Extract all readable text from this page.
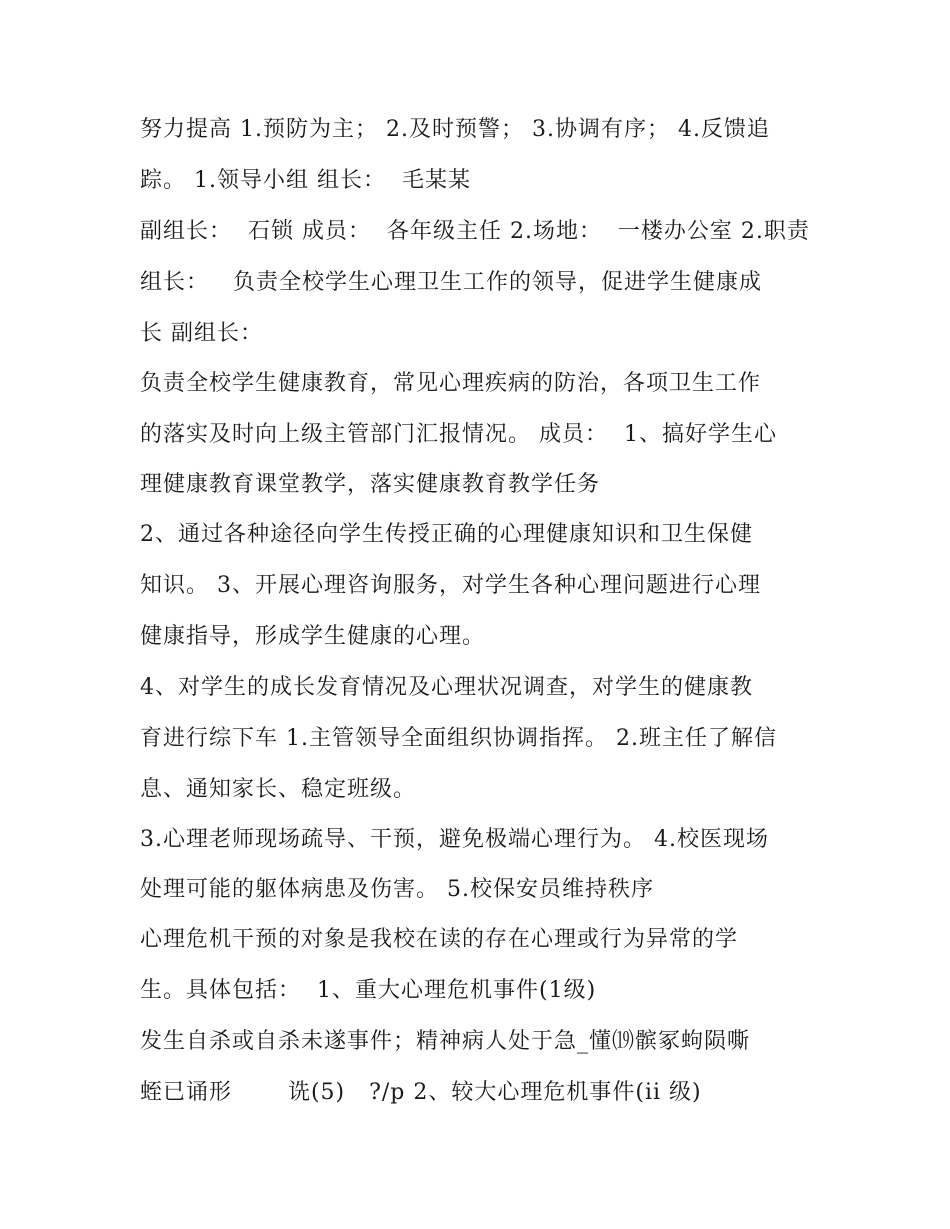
努力提高 1.预防为主； 2.及时预警； 3.协调有序； 4.反馈追
踪。 1.领导小组 组长：  毛某某
副组长：  石锁 成员：  各年级主任 2.场地：  一楼办公室 2.职责
组长：   负责全校学生心理卫生工作的领导，促进学生健康成
长 副组长：
负责全校学生健康教育，常见心理疾病的防治，各项卫生工作
的落实及时向上级主管部门汇报情况。 成员：  1、搞好学生心
理健康教育课堂教学，落实健康教育教学任务
2、通过各种途径向学生传授正确的心理健康知识和卫生保健
知识。 3、开展心理咨询服务，对学生各种心理问题进行心理
健康指导，形成学生健康的心理。
4、对学生的成长发育情况及心理状况调查，对学生的健康教
育进行综下车 1.主管领导全面组织协调指挥。 2.班主任了解信
息、通知家长、稳定班级。
3.心理老师现场疏导、干预，避免极端心理行为。 4.校医现场
处理可能的躯体病患及伤害。 5.校保安员维持秩序
心理危机干预的对象是我校在读的存在心理或行为异常的学
生。具体包括：  1、重大心理危机事件(1级)
发生自杀或自杀未遂事件；精神病人处于急_懂⒆髌冢蚼陨嘶
蛭已诵形       诜(5)   ?/p 2、较大心理危机事件(ii 级)
